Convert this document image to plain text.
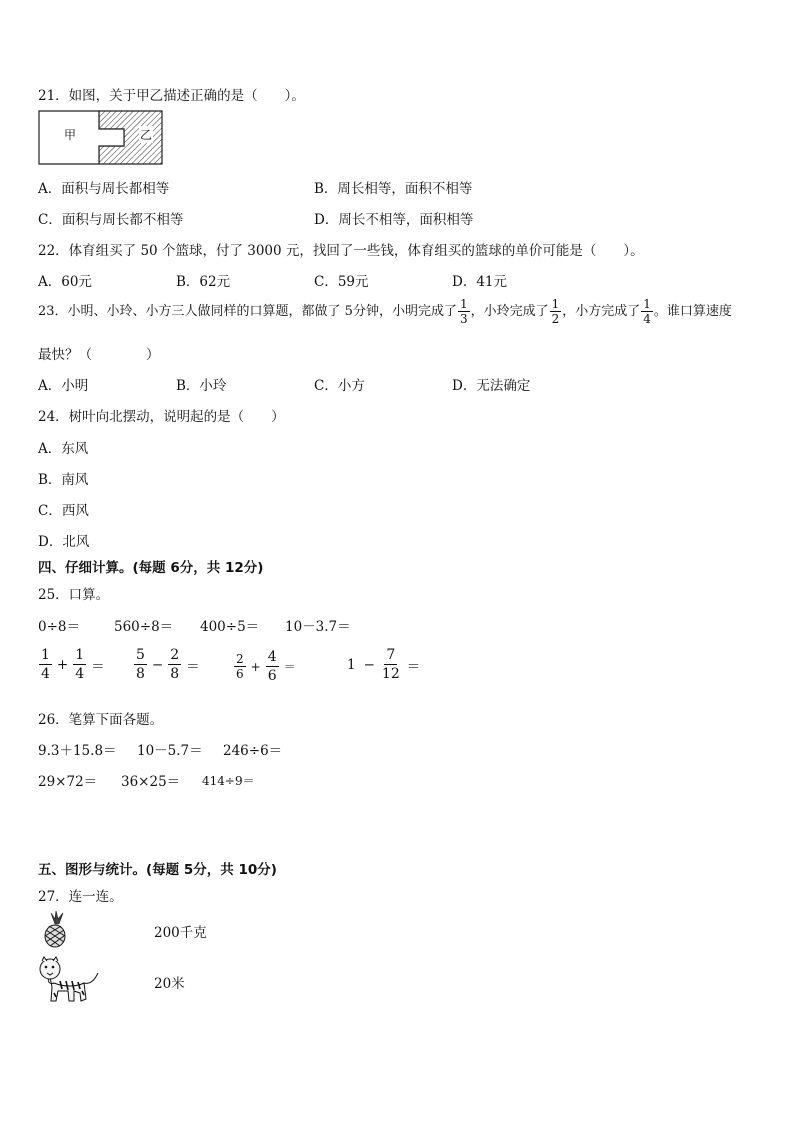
21．如图，关于甲乙描述正确的是（　　）。
甲	乙
A．面积与周长都相等	B．周长相等，面积不相等
C．面积与周长都不相等	D．周长不相等，面积相等
22．体育组买了 50 个篮球，付了 3000 元，找回了一些钱，体育组买的篮球的单价可能是（　　）。
A．60元	B．62元	C．59元	D．41元
23．小明、小玲、小方三人做同样的口算题，都做了 5分钟，小明完成了 $\frac{1}{3}$ ，小玲完成了 $\frac{1}{2}$ ，小方完成了 $\frac{1}{4}$ 。谁口算速度
最快？（　　　　）
A．小明	B．小玲	C．小方	D．无法确定
24．树叶向北摆动，说明起的是（　　）
A．东风
B．南风
C．西风
D．北风
四、仔细计算。(每题 6分，共 12分)
25．口算。
0÷8＝	560÷8＝ 400÷5＝ 10－3.7＝
$\frac{1}{4} + \frac{1}{4} = \frac{5}{8} - \frac{2}{8}$ ＝	$\frac{2}{6} + \frac{4}{6}$ ＝	$1 - \frac{7}{12}$ ＝
26．笔算下面各题。
9.3＋15.8＝ 10－5.7＝ 246÷6＝
29×72＝ 36×25＝ 414÷9＝
五、图形与统计。(每题 5分，共 10分)
27．连一连。
200千克
20米
